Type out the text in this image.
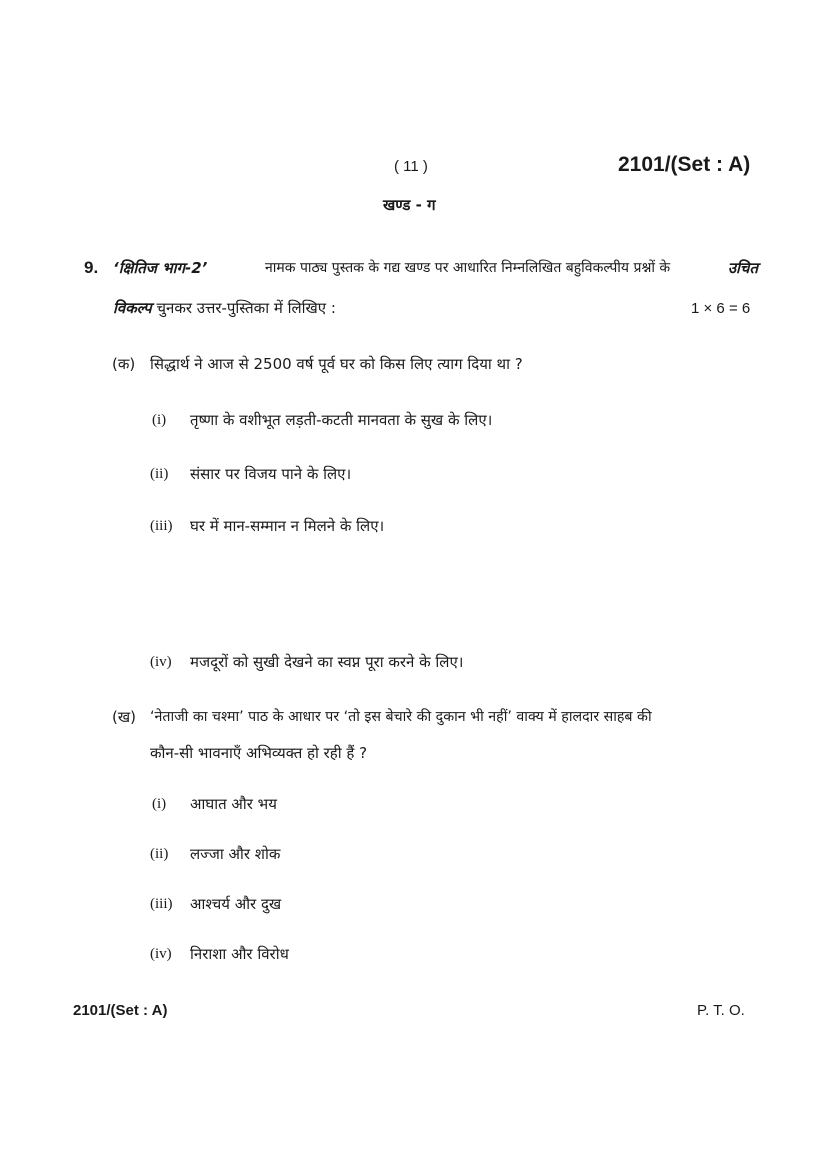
( 11 )	2101/(Set : A)
खण्ड - ग
9. ‘क्षितिज भाग-2’	नामक पाठ्य पुस्तक के गद्य खण्ड पर आधारित निम्नलिखित बहुविकल्पीय प्रश्नों के	उचित
विकल्प चुनकर उत्तर-पुस्तिका में लिखिए :	1 × 6 = 6
(क) सिद्धार्थ ने आज से 2500 वर्ष पूर्व घर को किस लिए त्याग दिया था ?
(i) तृष्णा के वशीभूत लड़ती-कटती मानवता के सुख के लिए।
(ii) संसार पर विजय पाने के लिए।
(iii) घर में मान-सम्मान न मिलने के लिए।
(iv) मजदूरों को सुखी देखने का स्वप्न पूरा करने के लिए।
(ख) ‘नेताजी का चश्मा’ पाठ के आधार पर ‘तो इस बेचारे की दुकान भी नहीं’ वाक्य में हालदार साहब की
कौन-सी भावनाएँ अभिव्यक्त हो रही हैं ?
(i) आघात और भय
(ii) लज्जा और शोक
(iii) आश्चर्य और दुख
(iv) निराशा और विरोध
2101/(Set : A)	P. T. O.
